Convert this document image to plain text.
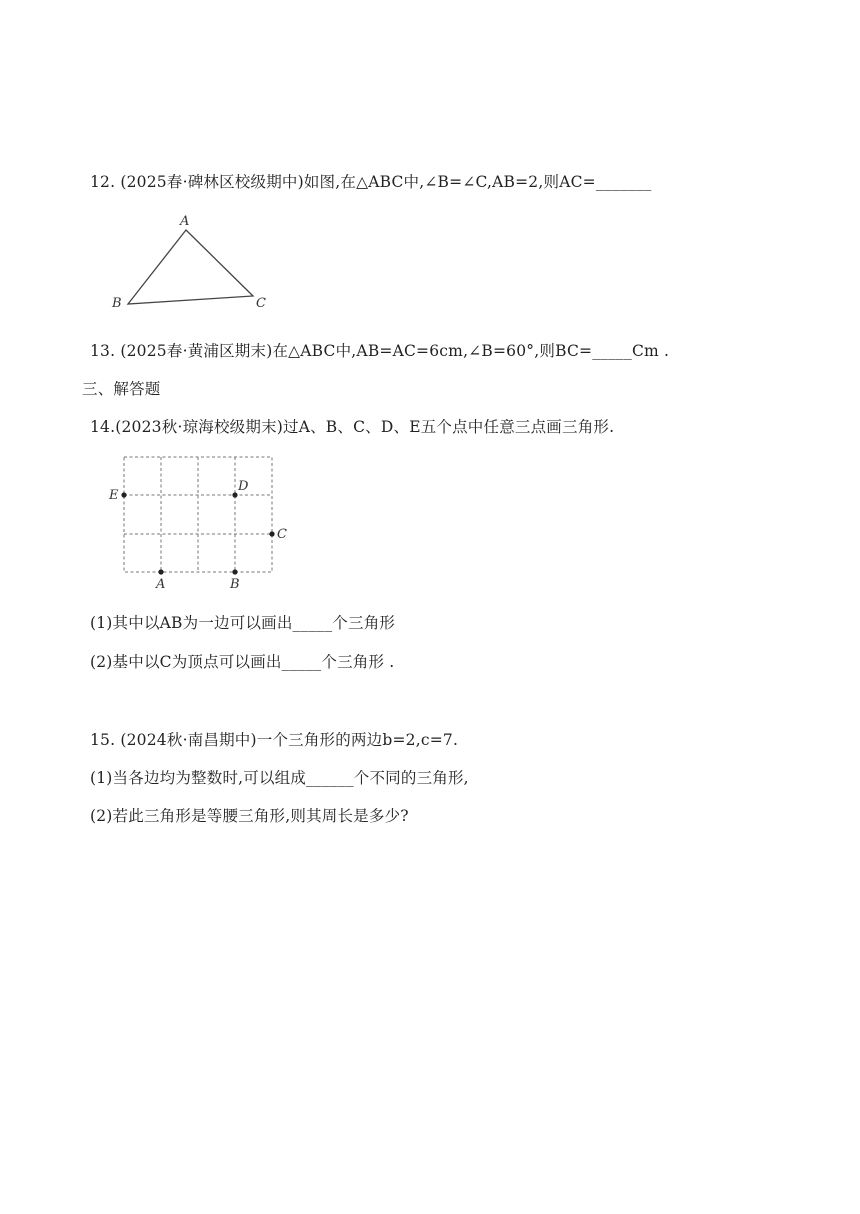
12. (2025春·碑林区校级期中)如图,在△ABC中,∠B=∠C,AB=2,则AC=_______
A
B	C
13. (2025春·黄浦区期末)在△ABC中,AB=AC=6cm,∠B=60°,则BC=_____Cm .
三、解答题
14.(2023秋·琼海校级期末)过A、B、C、D、E五个点中任意三点画三角形.
E
D
C
A	B
(1)其中以AB为一边可以画出_____个三角形
(2)基中以C为顶点可以画出_____个三角形 .
15. (2024秋·南昌期中)一个三角形的两边b=2,c=7.
(1)当各边均为整数时,可以组成______个不同的三角形,
(2)若此三角形是等腰三角形,则其周长是多少?
